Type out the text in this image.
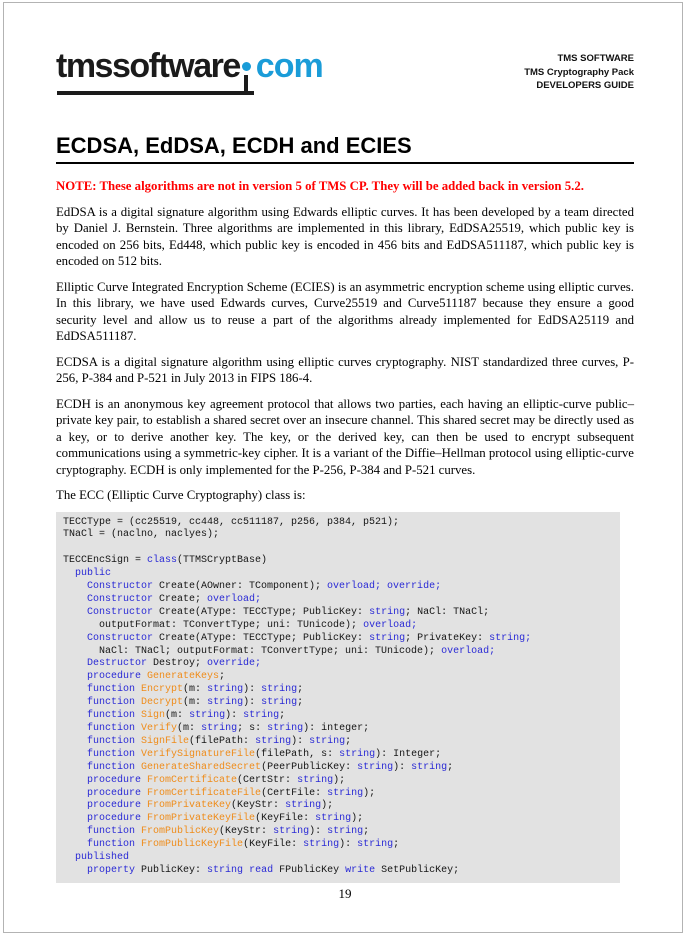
tmssoftware com	TMS SOFTWARE
TMS Cryptography Pack
DEVELOPERS GUIDE
ECDSA, EdDSA, ECDH and ECIES
NOTE: These algorithms are not in version 5 of TMS CP. They will be added back in version 5.2.

EdDSA is a digital signature algorithm using Edwards elliptic curves. It has been developed by a team directed by Daniel J. Bernstein. Three algorithms are implemented in this library, EdDSA25519, which public key is encoded on 256 bits, Ed448, which public key is encoded in 456 bits and EdDSA511187, which public key is encoded on 512 bits.

Elliptic Curve Integrated Encryption Scheme (ECIES) is an asymmetric encryption scheme using elliptic curves. In this library, we have used Edwards curves, Curve25519 and Curve511187 because they ensure a good security level and allow us to reuse a part of the algorithms already implemented for EdDSA25119 and EdDSA511187.

ECDSA is a digital signature algorithm using elliptic curves cryptography. NIST standardized three curves, P-256, P-384 and P-521 in July 2013 in FIPS 186-4.

ECDH is an anonymous key agreement protocol that allows two parties, each having an elliptic-curve public–private key pair, to establish a shared secret over an insecure channel. This shared secret may be directly used as a key, or to derive another key. The key, or the derived key, can then be used to encrypt subsequent communications using a symmetric-key cipher. It is a variant of the Diffie–Hellman protocol using elliptic-curve cryptography. ECDH is only implemented for the P-256, P-384 and P-521 curves.

The ECC (Elliptic Curve Cryptography) class is:

TECCType = (cc25519, cc448, cc511187, p256, p384, p521);
TNaCl = (naclno, naclyes);

TECCEncSign = class(TTMSCryptBase)
public
Constructor Create(AOwner: TComponent); overload; override;
Constructor Create; overload;
Constructor Create(AType: TECCType; PublicKey: string; NaCl: TNaCl;
outputFormat: TConvertType; uni: TUnicode); overload;
Constructor Create(AType: TECCType; PublicKey: string; PrivateKey: string;
NaCl: TNaCl; outputFormat: TConvertType; uni: TUnicode); overload;
Destructor Destroy; override;
procedure GenerateKeys;
function Encrypt(m: string): string;
function Decrypt(m: string): string;
function Sign(m: string): string;
function Verify(m: string; s: string): integer;
function SignFile(filePath: string): string;
function VerifySignatureFile(filePath, s: string): Integer;
function GenerateSharedSecret(PeerPublicKey: string): string;
procedure FromCertificate(CertStr: string);
procedure FromCertificateFile(CertFile: string);
procedure FromPrivateKey(KeyStr: string);
procedure FromPrivateKeyFile(KeyFile: string);
function FromPublicKey(KeyStr: string): string;
function FromPublicKeyFile(KeyFile: string): string;
published
property PublicKey: string read FPublicKey write SetPublicKey;
19
